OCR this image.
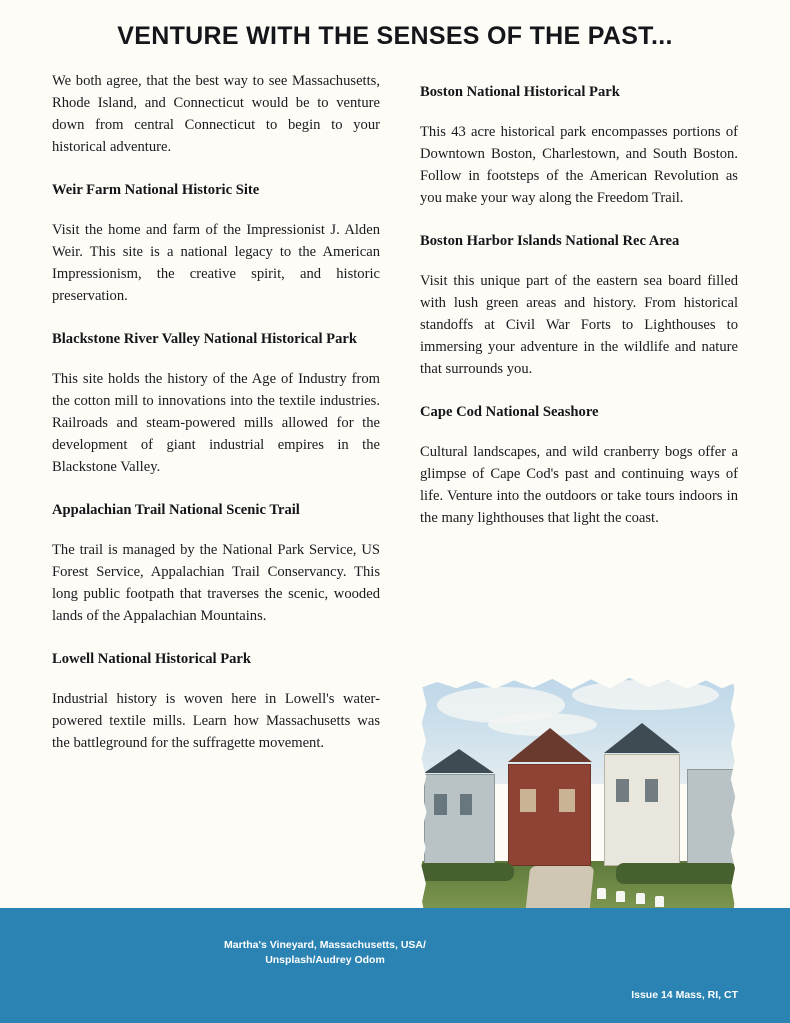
VENTURE WITH THE SENSES OF THE PAST...

We both agree, that the best way to see Massachusetts, Rhode Island, and Connecticut would be to venture down from central Connecticut to begin to your historical adventure.

Weir Farm National Historic Site

Visit the home and farm of the Impressionist J. Alden Weir. This site is a national legacy to the American Impressionism, the creative spirit, and historic preservation.

Blackstone River Valley National Historical Park

This site holds the history of the Age of Industry from the cotton mill to innovations into the textile industries. Railroads and steam-powered mills allowed for the development of giant industrial empires in the Blackstone Valley.

Appalachian Trail National Scenic Trail

The trail is managed by the National Park Service, US Forest Service, Appalachian Trail Conservancy. This long public footpath that traverses the scenic, wooded lands of the Appalachian Mountains.

Lowell National Historical Park

Industrial history is woven here in Lowell's water-powered textile mills. Learn how Massachusetts was the battleground for the suffragette movement.

Boston National Historical Park

This 43 acre historical park encompasses portions of Downtown Boston, Charlestown, and South Boston. Follow in footsteps of the American Revolution as you make your way along the Freedom Trail.

Boston Harbor Islands National Rec Area

Visit this unique part of the eastern sea board filled with lush green areas and history. From historical standoffs at Civil War Forts to Lighthouses to immersing your adventure in the wildlife and nature that surrounds you.

Cape Cod National Seashore

Cultural landscapes, and wild cranberry bogs offer a glimpse of Cape Cod's past and continuing ways of life. Venture into the outdoors or take tours indoors in the many lighthouses that light the coast.

Martha's Vineyard, Massachusetts, USA/
Unsplash/Audrey Odom
Issue 14 Mass, RI, CT
